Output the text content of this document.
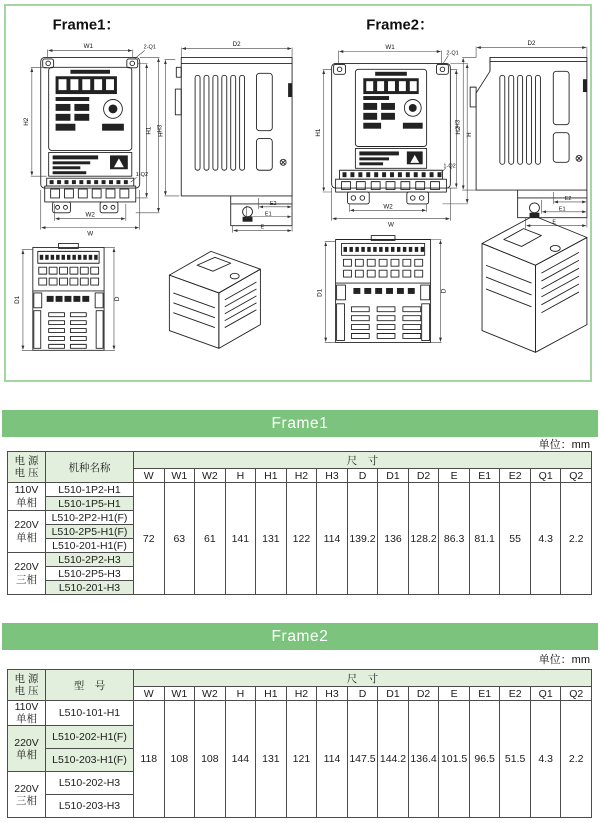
Frame1：	Frame2：
W1	2-Q1
H2
H1 H
1-Q2
W2
W
D2
E2
E1
E
H3
D1	D
W1
2-Q1
H1	H2 H
1-Q2
W2
W
D2
E2
E1
E
H3
D1	D
Frame1
单位：mm
电 源
电 压	机种名称	尺　寸														
		W	W1	W2	H	H1	H2	H3	D	D1	D2	E	E1	E2	Q1	Q2

110V
单相	L510-1P2-H1	72	63	61	141	131	122	114	139.2	136	128.2	86.3	81.1	55	4.3	2.2
	L510-1P5-H1															

220V
单相	L510-2P2-H1(F)															
	L510-2P5-H1(F)															
	L510-201-H1(F)															

220V
三相	L510-2P2-H3															
	L510-2P5-H3															
	L510-201-H3															
Frame2
单位：mm
电 源
电 压	型　号	尺　寸														
		W	W1	W2	H	H1	H2	H3	D	D1	D2	E	E1	E2	Q1	Q2

110V
单相	L510-101-H1	118	108	108	144	131	121	114	147.5	144.2	136.4	101.5	96.5	51.5	4.3	2.2

220V
单相	L510-202-H1(F)															
	L510-203-H1(F)															

220V
三相	L510-202-H3															
	L510-203-H3															
